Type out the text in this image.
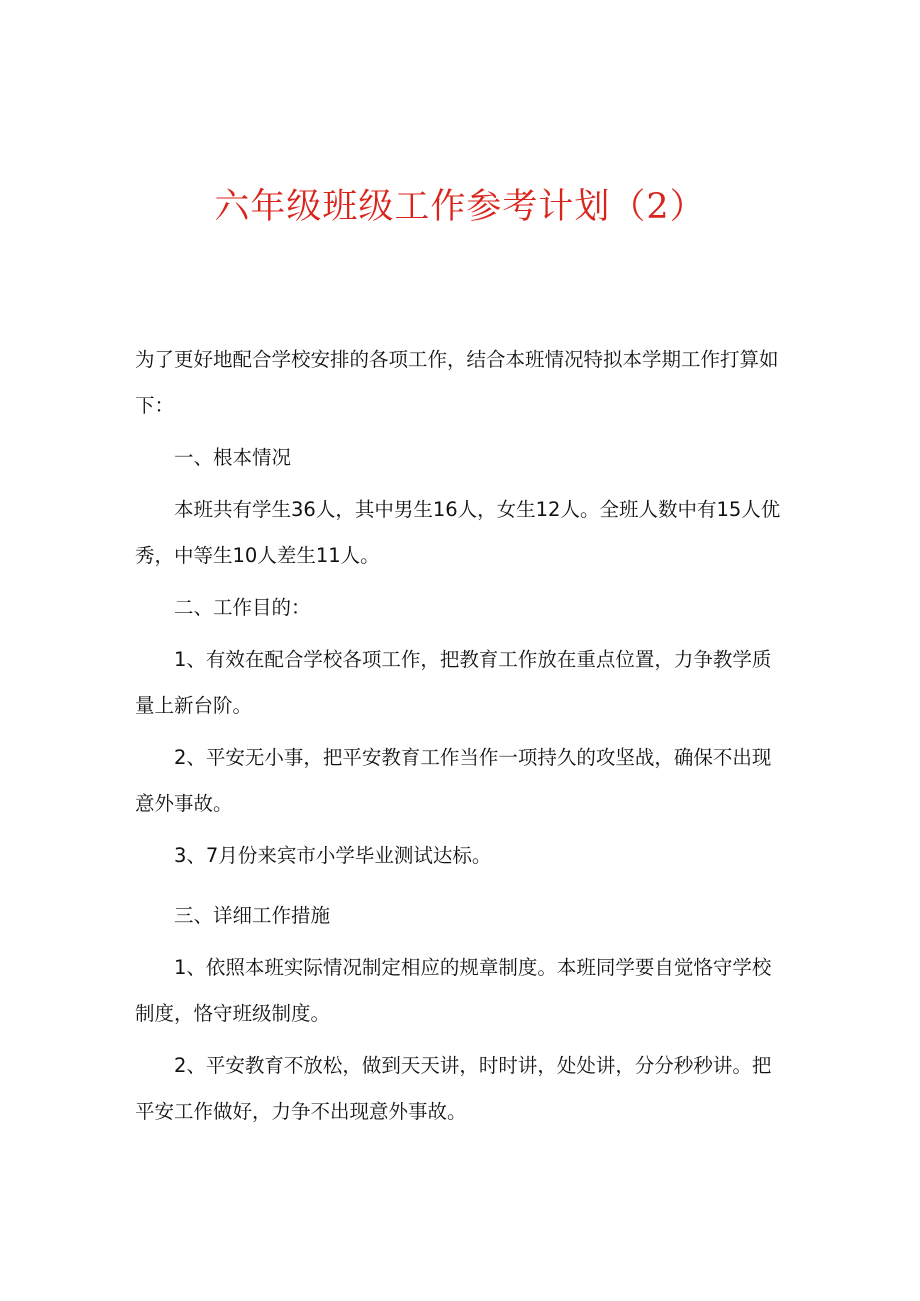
六年级班级工作参考计划（2）

为了更好地配合学校安排的各项工作，结合本班情况特拟本学期工作打算如下：

一、根本情况

本班共有学生36人，其中男生16人，女生12人。全班人数中有15人优秀，中等生10人差生11人。

二、工作目的：

1、有效在配合学校各项工作，把教育工作放在重点位置，力争教学质量上新台阶。

2、平安无小事，把平安教育工作当作一项持久的攻坚战，确保不出现意外事故。

3、7月份来宾市小学毕业测试达标。

三、详细工作措施

1、依照本班实际情况制定相应的规章制度。本班同学要自觉恪守学校制度，恪守班级制度。

2、平安教育不放松，做到天天讲，时时讲，处处讲，分分秒秒讲。把平安工作做好，力争不出现意外事故。
